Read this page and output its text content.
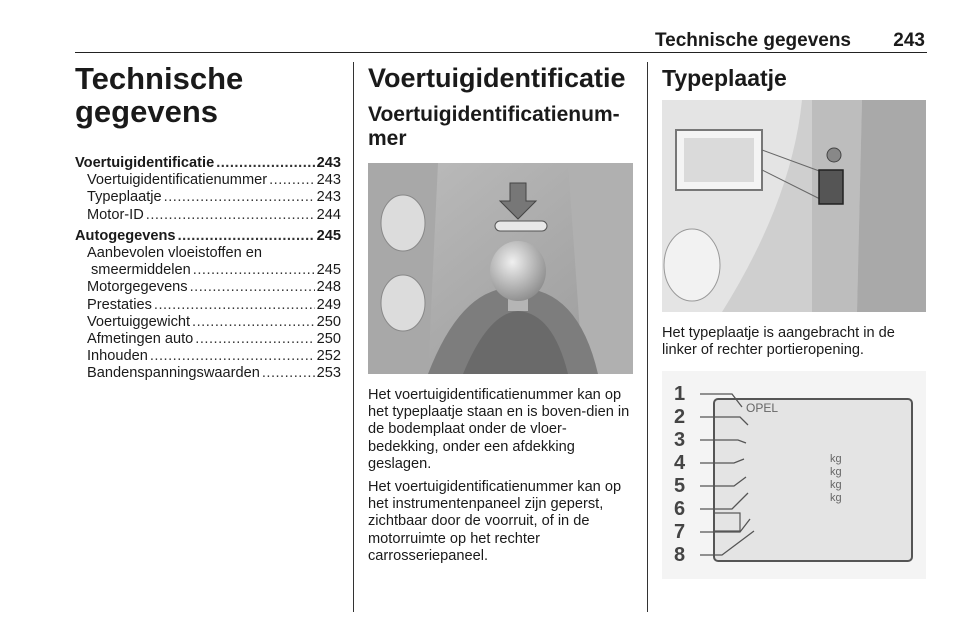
Technische gegevens 243
Technische
gegevens
Voertuigidentificatie .....	243
Voertuigidentificatienummer .....	243
Typeplaatje .....	243
Motor-ID .....	244
Autogegevens .....	245
Aanbevolen vloeistoffen en
smeermiddelen .....	245
Motorgegevens .....	248
Prestaties .....	249
Voertuiggewicht .....	250
Afmetingen auto .....	250
Inhouden .....	252
Bandenspanningswaarden .....	253
Voertuigidentificatie
Voertuigidentificatienum-
mer

Het voertuigidentificatienummer kan op het typeplaatje staan en is boven-dien in de bodemplaat onder de vloer-bedekking, onder een afdekking geslagen.

Het voertuigidentificatienummer kan op het instrumentenpaneel zijn geperst, zichtbaar door de voorruit, of in de motorruimte op het rechter carrosseriepaneel.

Typeplaatje

Het typeplaatje is aangebracht in de linker of rechter portieropening.

1
2
3
4
5
6
7
8
OPEL
kg
kg
kg
kg
